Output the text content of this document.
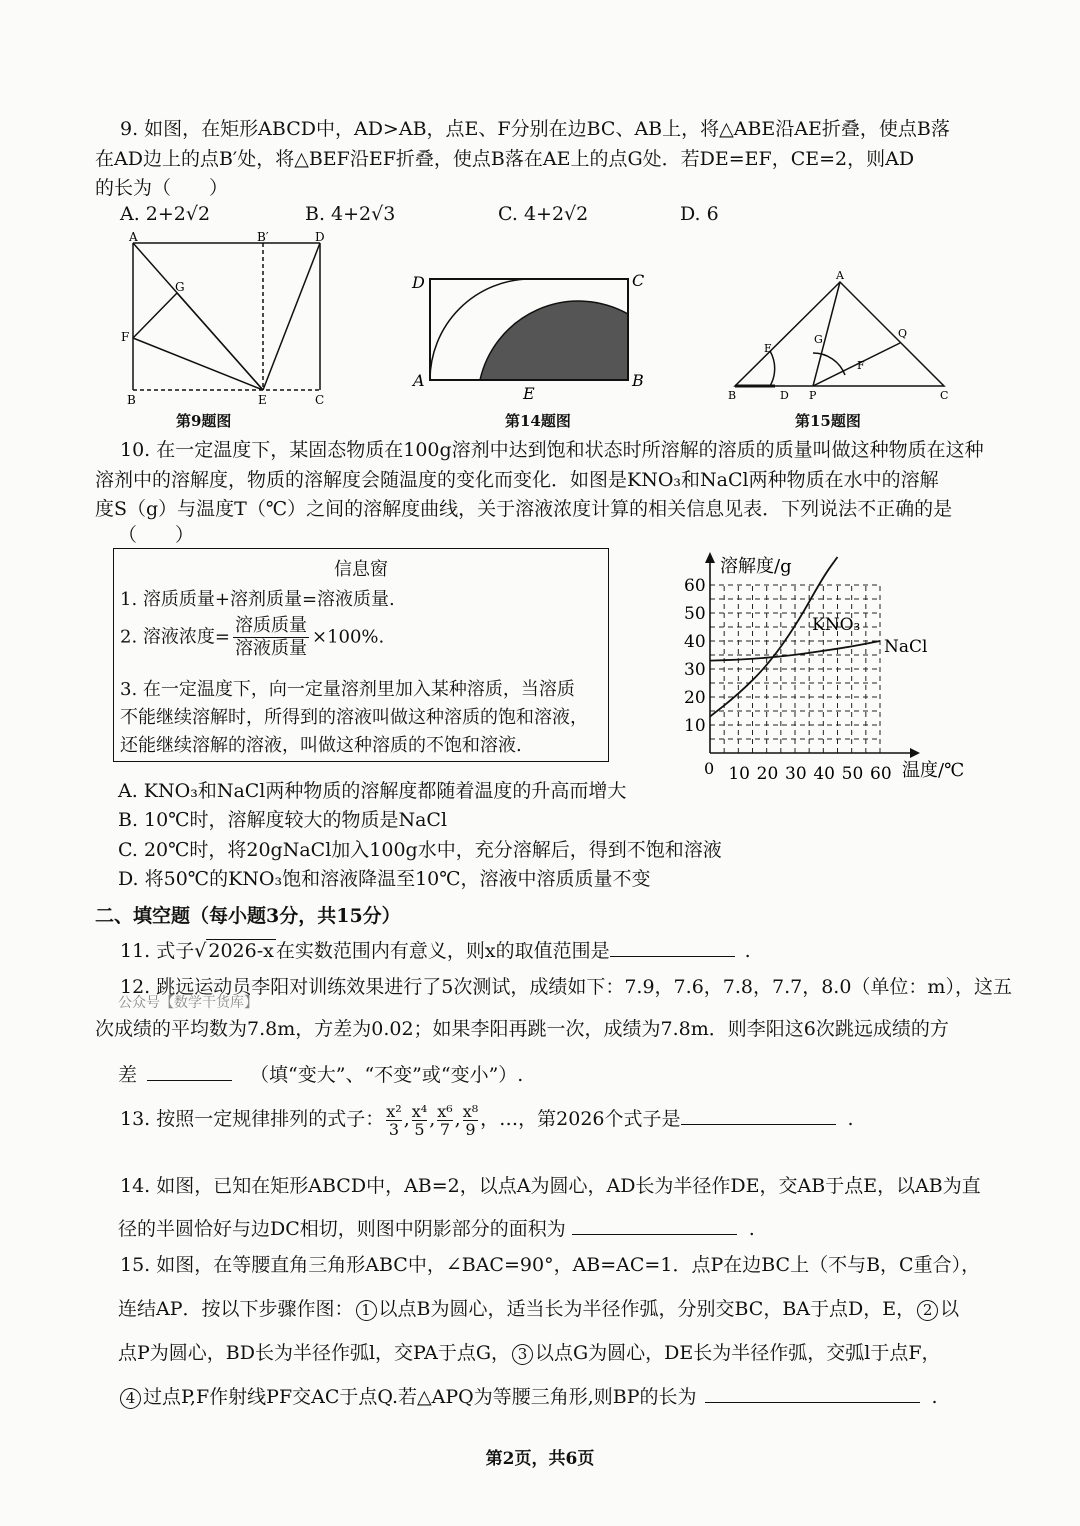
9. 如图，在矩形ABCD中，AD>AB，点E、F分别在边BC、AB上，将△ABE沿AE折叠，使点B落
在AD边上的点B′处，将△BEF沿EF折叠，使点B落在AE上的点G处．若DE=EF，CE=2，则AD
的长为（　　）
A. 2+2√2	B. 4+2√3	C. 4+2√2	D. 6
A	B′	D
G
F
B	E	C
第9题图
D	C
A
E
B
第14题图
A
E
G	Q
F
B	D P	C
第15题图
10. 在一定温度下，某固态物质在100g溶剂中达到饱和状态时所溶解的溶质的质量叫做这种物质在这种
溶剂中的溶解度，物质的溶解度会随温度的变化而变化．如图是KNO₃和NaCl两种物质在水中的溶解
度S（g）与温度T（℃）之间的溶解度曲线，关于溶液浓度计算的相关信息见表．下列说法不正确的是
（　　）
信息窗
1. 溶质质量+溶剂质量=溶液质量.
2. 溶液浓度= $\frac{\text{溶质质量}}{\text{溶液质量}} \times 100\%$.
3. 在一定温度下，向一定量溶剂里加入某种溶质，当溶质
不能继续溶解时，所得到的溶液叫做这种溶质的饱和溶液，
还能继续溶解的溶液，叫做这种溶质的不饱和溶液.
溶解度/g
温度/℃
0 10 20 30 40 50 60
10
20
30
40
50
60
KNO₃
NaCl
A. KNO₃和NaCl两种物质的溶解度都随着温度的升高而增大
B. 10℃时，溶解度较大的物质是NaCl
C. 20℃时，将20gNaCl加入100g水中，充分溶解后，得到不饱和溶液
D. 将50℃的KNO₃饱和溶液降温至10℃，溶液中溶质质量不变
二、填空题（每小题3分，共15分）
11. 式子√ 2026-x 在实数范围内有意义，则x的取值范围是	.
12. 跳远运动员李阳对训练效果进行了5次测试，成绩如下：7.9，7.6，7.8，7.7，8.0（单位：m），这五
公众号【数学干货库】
次成绩的平均数为7.8m，方差为0.02；如果李阳再跳一次，成绩为7.8m．则李阳这6次跳远成绩的方
差	（填“变大”、“不变”或“变小”）.
13. 按照一定规律排列的式子： $\frac{\text{x²}}{3}$ , $\frac{\text{x⁴}}{5}$ , $\frac{\text{x⁶}}{7}$ , $\frac{\text{x⁸}}{9}$ ，…，第2026个式子是	.
14. 如图，已知在矩形ABCD中，AB=2，以点A为圆心，AD长为半径作DE，交AB于点E，以AB为直
径的半圆恰好与边DC相切，则图中阴影部分的面积为	.
15. 如图，在等腰直角三角形ABC中，∠BAC=90°，AB=AC=1．点P在边BC上（不与B，C重合），
连结AP．按以下步骤作图： 1 以点B为圆心，适当长为半径作弧，分别交BC，BA于点D，E， 2 以
点P为圆心，BD长为半径作弧l，交PA于点G， 3 以点G为圆心，DE长为半径作弧，交弧l于点F，
4 过点P,F作射线PF交AC于点Q.若△APQ为等腰三角形,则BP的长为	.
第2页，共6页
